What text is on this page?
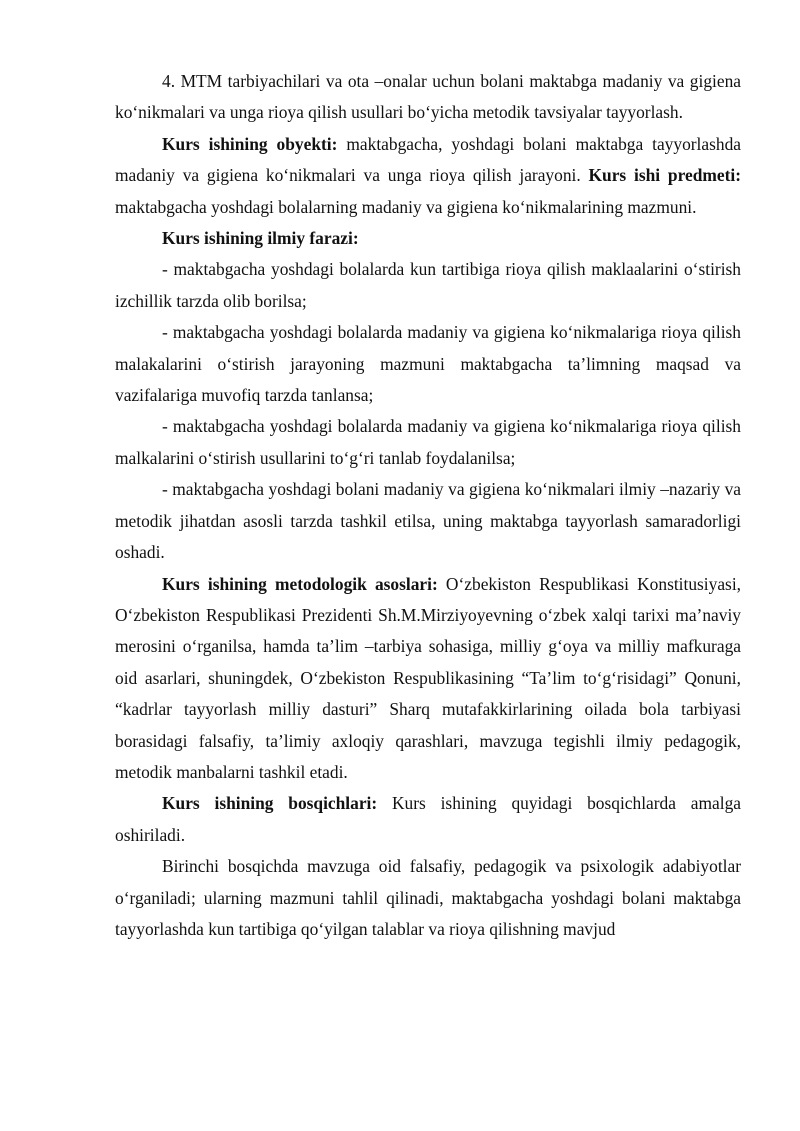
4. MTM tarbiyachilari va ota –onalar uchun bolani maktabga madaniy va gigiena ko‘nikmalari va unga rioya qilish usullari bo‘yicha metodik tavsiyalar tayyorlash.

Kurs ishining obyekti: maktabgacha, yoshdagi bolani maktabga tayyorlashda madaniy va gigiena ko‘nikmalari va unga rioya qilish jarayoni. Kurs ishi predmeti: maktabgacha yoshdagi bolalarning madaniy va gigiena ko‘nikmalarining mazmuni.

Kurs ishining ilmiy farazi:

- maktabgacha yoshdagi bolalarda kun tartibiga rioya qilish maklaalarini o‘stirish izchillik tarzda olib borilsa;

- maktabgacha yoshdagi bolalarda madaniy va gigiena ko‘nikmalariga rioya qilish malakalarini o‘stirish jarayoning mazmuni maktabgacha ta’limning maqsad va vazifalariga muvofiq tarzda tanlansa;

- maktabgacha yoshdagi bolalarda madaniy va gigiena ko‘nikmalariga rioya qilish malkalarini o‘stirish usullarini to‘g‘ri tanlab foydalanilsa;

- maktabgacha yoshdagi bolani madaniy va gigiena ko‘nikmalari ilmiy –nazariy va metodik jihatdan asosli tarzda tashkil etilsa, uning maktabga tayyorlash samaradorligi oshadi.

Kurs ishining metodologik asoslari: O‘zbekiston Respublikasi Konstitusiyasi, O‘zbekiston Respublikasi Prezidenti Sh.M.Mirziyoyevning o‘zbek xalqi tarixi ma’naviy merosini o‘rganilsa, hamda ta’lim –tarbiya sohasiga, milliy g‘oya va milliy mafkuraga oid asarlari, shuningdek, O‘zbekiston Respublikasining “Ta’lim to‘g‘risidagi” Qonuni, “kadrlar tayyorlash milliy dasturi” Sharq mutafakkirlarining oilada bola tarbiyasi borasidagi falsafiy, ta’limiy axloqiy qarashlari, mavzuga tegishli ilmiy pedagogik, metodik manbalarni tashkil etadi.

Kurs ishining bosqichlari: Kurs ishining quyidagi bosqichlarda amalga oshiriladi.

Birinchi bosqichda mavzuga oid falsafiy, pedagogik va psixologik adabiyotlar o‘rganiladi; ularning mazmuni tahlil qilinadi, maktabgacha yoshdagi bolani maktabga tayyorlashda kun tartibiga qo‘yilgan talablar va rioya qilishning mavjud
